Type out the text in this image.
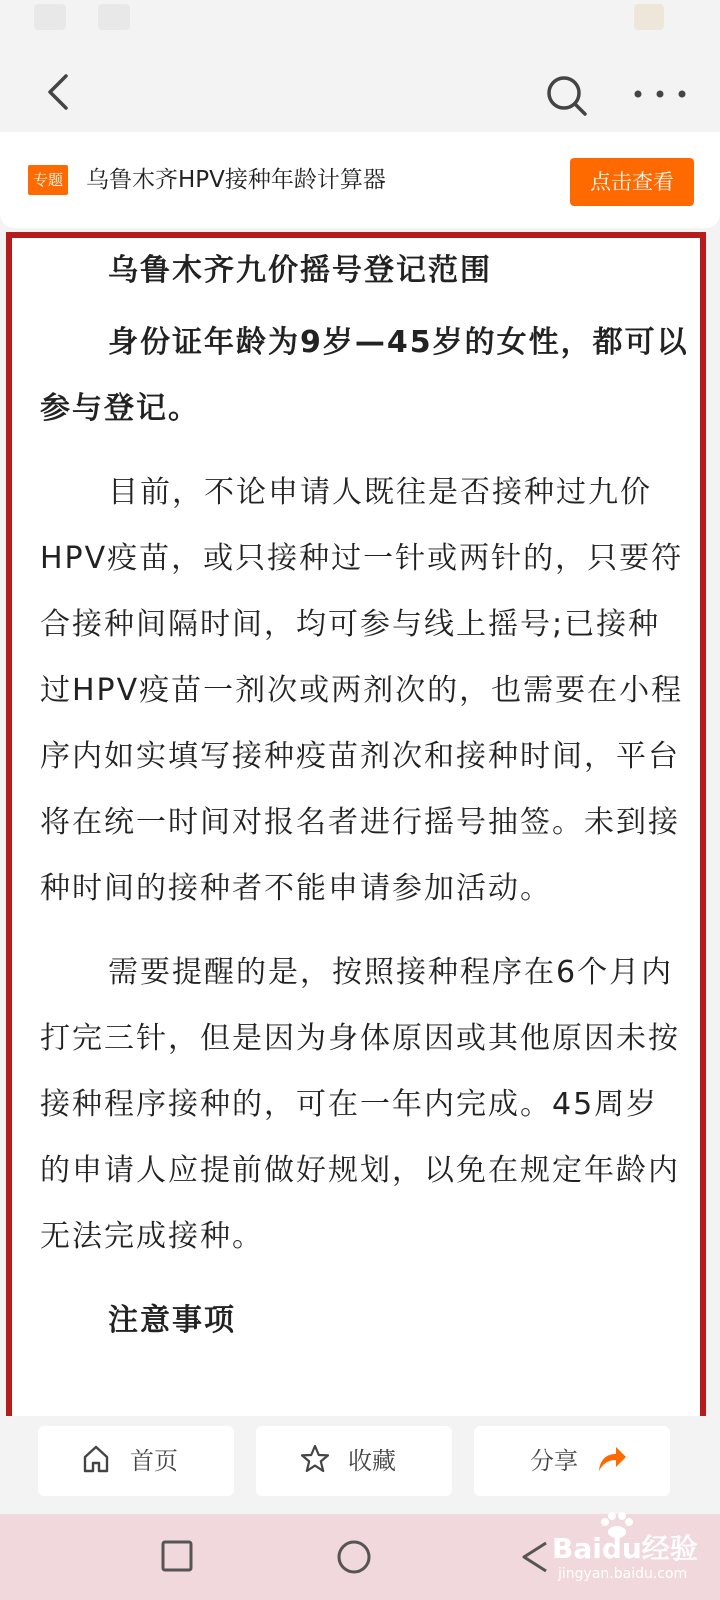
专题 乌鲁木齐HPV接种年龄计算器	点击查看

乌鲁木齐九价摇号登记范围

身份证年龄为9岁—45岁的女性，都可以参与登记。

目前，不论申请人既往是否接种过九价HPV疫苗，或只接种过一针或两针的，只要符合接种间隔时间，均可参与线上摇号;已接种过HPV疫苗一剂次或两剂次的，也需要在小程序内如实填写接种疫苗剂次和接种时间，平台将在统一时间对报名者进行摇号抽签。未到接种时间的接种者不能申请参加活动。

需要提醒的是，按照接种程序在6个月内打完三针，但是因为身体原因或其他原因未按接种程序接种的，可在一年内完成。45周岁的申请人应提前做好规划，以免在规定年龄内无法完成接种。

注意事项

首页	收藏	分享
Baidu经验
jingyan.baidu.com
